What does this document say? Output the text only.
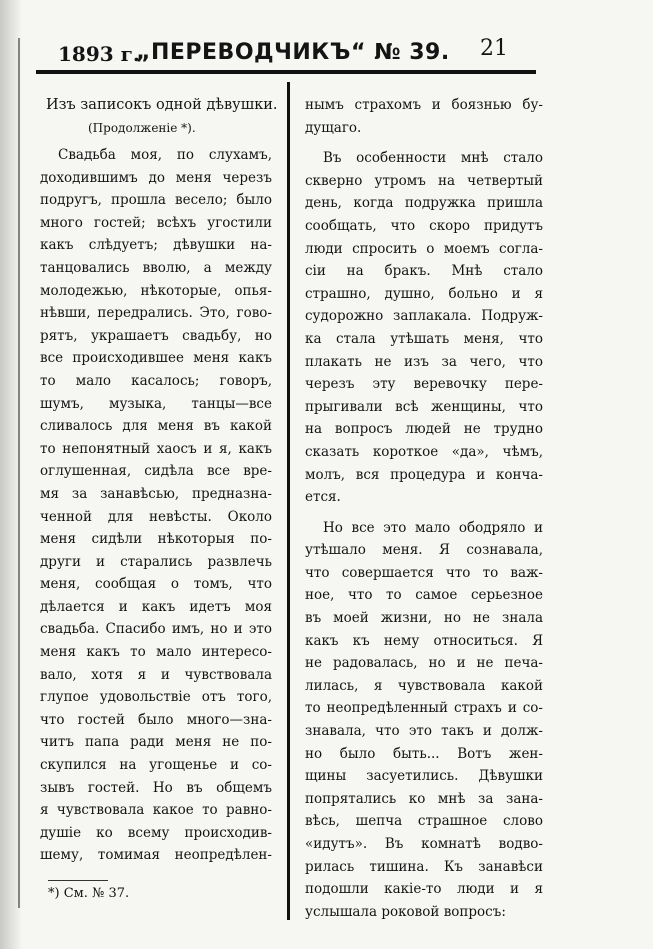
1893 г.
„ПЕРЕВОДЧИКЪ“ № 39. 21
Изъ записокъ одной дѣвушки.
(Продолженіе *).
Свадьба моя, по слухамъ,
доходившимъ до меня черезъ
подругъ, прошла весело; было
много гостей; всѣхъ угостили
какъ слѣдуетъ; дѣвушки на-
танцовались вволю, а между
молодежью, нѣкоторые, опья-
нѣвши, передрались. Это, гово-
рятъ, украшаетъ свадьбу, но
все происходившее меня какъ
то мало касалось; говоръ,
шумъ, музыка, танцы—все
сливалось для меня въ какой
то непонятный хаосъ и я, какъ
оглушенная, сидѣла все вре-
мя за занавѣсью, предназна-
ченной для невѣсты. Около
меня сидѣли нѣкоторыя по-
други и старались развлечь
меня, сообщая о томъ, что
дѣлается и какъ идетъ моя
свадьба. Спасибо имъ, но и это
меня какъ то мало интересо-
вало, хотя я и чувствовала
глупое удовольствіе отъ того,
что гостей было много—зна-
читъ папа ради меня не по-
скупился на угощенье и со-
зывъ гостей. Но въ общемъ
я чувствовала какое то равно-
душіе ко всему происходив-
шему, томимая неопредѣлен-
нымъ страхомъ и боязнью бу-
дущаго.
Въ особенности мнѣ стало
скверно утромъ на четвертый
день, когда подружка пришла
сообщать, что скоро придутъ
люди спросить о моемъ согла-
сіи на бракъ. Мнѣ стало
страшно, душно, больно и я
судорожно заплакала. Подруж-
ка стала утѣшать меня, что
плакать не изъ за чего, что
черезъ эту веревочку пере-
прыгивали всѣ женщины, что
на вопросъ людей не трудно
сказать короткое «да», чѣмъ,
молъ, вся процедура и конча-
ется.
Но все это мало ободряло и
утѣшало меня. Я сознавала,
что совершается что то важ-
ное, что то самое серьезное
въ моей жизни, но не знала
какъ къ нему относиться. Я
не радовалась, но и не печа-
лилась, я чувствовала какой
то неопредѣленный страхъ и со-
знавала, что это такъ и долж-
но было быть... Вотъ жен-
щины засуетились. Дѣвушки
попрятались ко мнѣ за зана-
вѣсь, шепча страшное слово
«идутъ». Въ комнатѣ водво-
рилась тишина. Къ занавѣси
подошли какіе-то люди и я
услышала роковой вопросъ:
*) См. № 37.
